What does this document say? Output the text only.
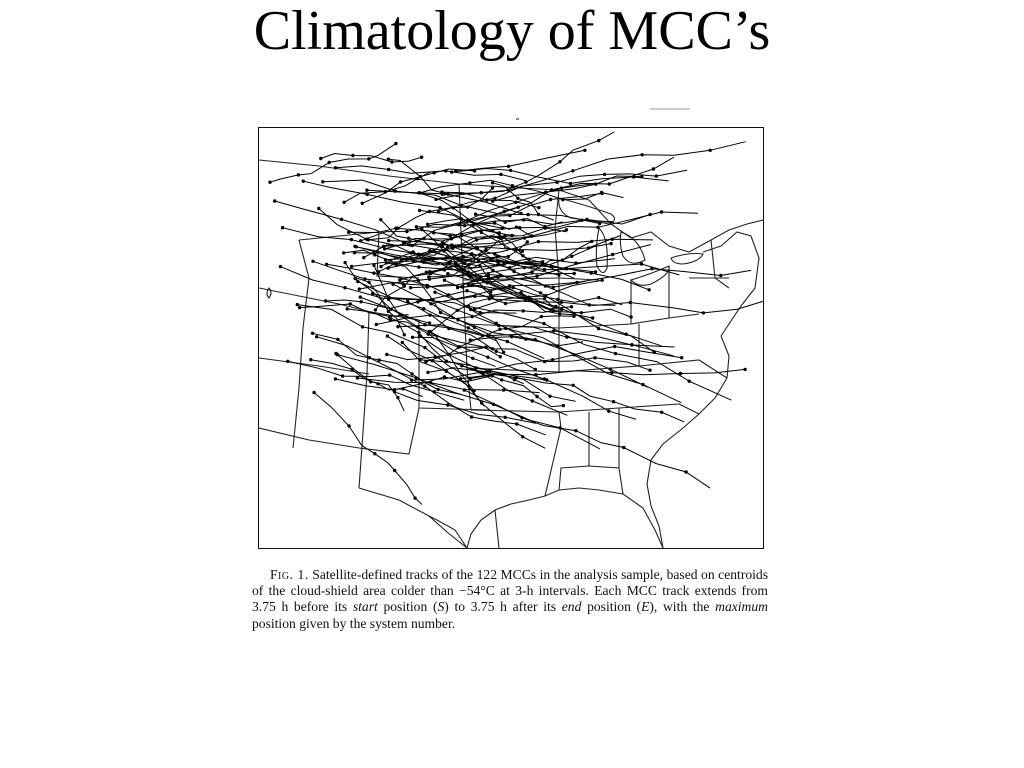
Climatology of MCC’s
Fig. 1. Satellite-defined tracks of the 122 MCCs in the analysis sample, based on centroids of the cloud-shield area colder than −54°C at 3-h intervals. Each MCC track extends from 3.75 h before its start position (S) to 3.75 h after its end position (E), with the maximum position given by the system number.
